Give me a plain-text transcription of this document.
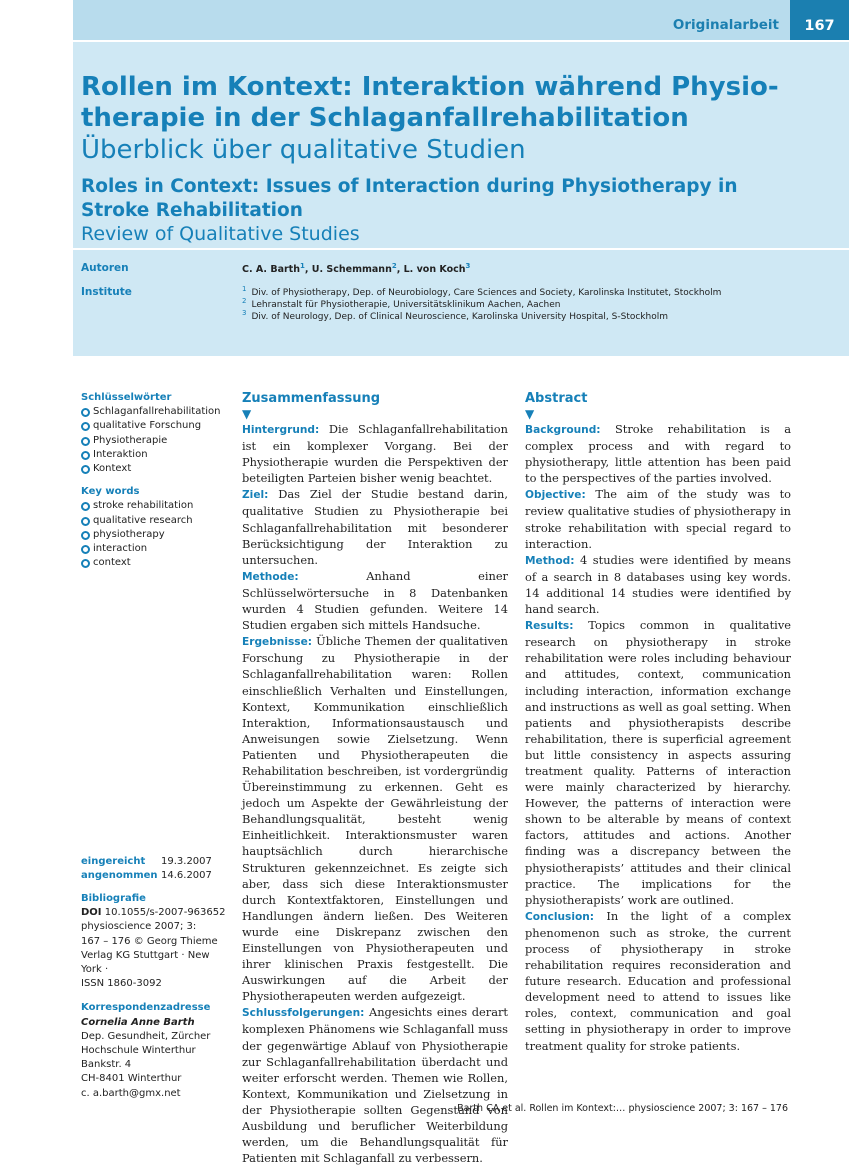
Originalarbeit	167
Rollen im Kontext: Interaktion während Physiotherapie in der Schlaganfallrehabilitation
Überblick über qualitative Studien
Roles in Context: Issues of Interaction during Physiotherapy in Stroke Rehabilitation
Review of Qualitative Studies
Autoren	C. A. Barth$^1$, U. Schemmann$^2$, L. von Koch$^3$
Institute	$^1$ Div. of Physiotherapy, Dep. of Neurobiology, Care Sciences and Society, Karolinska Institutet, Stockholm
$^2$ Lehranstalt für Physiotherapie, Universitätsklinikum Aachen, Aachen
$^3$ Div. of Neurology, Dep. of Clinical Neuroscience, Karolinska University Hospital, S-Stockholm
Schlüsselwörter
Schlaganfallrehabilitation
qualitative Forschung
Physiotherapie
Interaktion
Kontext
Key words
stroke rehabilitation
qualitative research
physiotherapy
interaction
context
eingereicht 19.3.2007
angenommen 14.6.2007
Bibliografie
DOI 10.1055/s-2007-963652
physioscience 2007; 3:
167 – 176 © Georg Thieme
Verlag KG Stuttgart · New York ·
ISSN 1860-3092
Korrespondenzadresse
Cornelia Anne Barth
Dep. Gesundheit, Zürcher
Hochschule Winterthur
Bankstr. 4
CH-8401 Winterthur
c. a.barth@gmx.net
Zusammenfassung
▼

Hintergrund: Die Schlaganfallrehabilitation ist ein komplexer Vorgang. Bei der Physiotherapie wurden die Perspektiven der beteiligten Parteien bisher wenig beachtet.

Ziel: Das Ziel der Studie bestand darin, qualitative Studien zu Physiotherapie bei Schlaganfallrehabilitation mit besonderer Berücksichtigung der Interaktion zu untersuchen.

Methode:	Anhand einer Schlüsselwörtersuche in 8 Datenbanken wurden 4 Studien gefunden. Weitere 14 Studien ergaben sich mittels Handsuche.

Ergebnisse: Übliche Themen der qualitativen Forschung zu Physiotherapie in der Schlaganfallrehabilitation waren: Rollen einschließlich Verhalten und Einstellungen, Kontext, Kommunikation einschließlich Interaktion, Informationsaustausch und Anweisungen sowie Zielsetzung. Wenn Patienten und Physiotherapeuten die Rehabilitation beschreiben, ist vordergründig Übereinstimmung zu erkennen. Geht es jedoch um Aspekte der Gewährleistung der Behandlungsqualität, besteht wenig Einheitlichkeit. Interaktionsmuster waren hauptsächlich durch hierarchische Strukturen gekennzeichnet. Es zeigte sich aber, dass sich diese Interaktionsmuster durch Kontextfaktoren, Einstellungen und Handlungen ändern ließen. Des Weiteren wurde eine Diskrepanz zwischen den Einstellungen von Physiotherapeuten und ihrer klinischen Praxis festgestellt. Die Auswirkungen auf die Arbeit der Physiotherapeuten werden aufgezeigt.

Schlussfolgerungen: Angesichts eines derart komplexen Phänomens wie Schlaganfall muss der gegenwärtige Ablauf von Physiotherapie zur Schlaganfallrehabilitation überdacht und weiter erforscht werden. Themen wie Rollen, Kontext, Kommunikation und Zielsetzung in der Physiotherapie sollten Gegenstand von Ausbildung und beruflicher Weiterbildung werden, um die Behandlungsqualität für Patienten mit Schlaganfall zu verbessern.

Abstract
▼

Background: Stroke rehabilitation is a complex process and with regard to physiotherapy, little attention has been paid to the perspectives of the parties involved.

Objective: The aim of the study was to review qualitative studies of physiotherapy in stroke rehabilitation with special regard to interaction.

Method: 4 studies were identified by means of a search in 8 databases using key words. 14 additional 14 studies were identified by hand search.

Results: Topics common in qualitative research on physiotherapy in stroke rehabilitation were roles including behaviour and attitudes, context, communication including interaction, information exchange and instructions as well as goal setting. When patients and physiotherapists describe rehabilitation, there is superficial agreement but little consistency in aspects assuring treatment quality. Patterns of interaction were mainly characterized by hierarchy. However, the patterns of interaction were shown to be alterable by means of context factors, attitudes and actions. Another finding was a discrepancy between the physiotherapists’ attitudes and their clinical practice. The implications for the physiotherapists’ work are outlined.

Conclusion: In the light of a complex phenomenon such as stroke, the current process of physiotherapy in stroke rehabilitation requires reconsideration and future research. Education and professional development need to attend to issues like roles, context, communication and goal setting in physiotherapy in order to improve treatment quality for stroke patients.

Barth CA et al. Rollen im Kontext:… physioscience 2007; 3: 167 – 176
